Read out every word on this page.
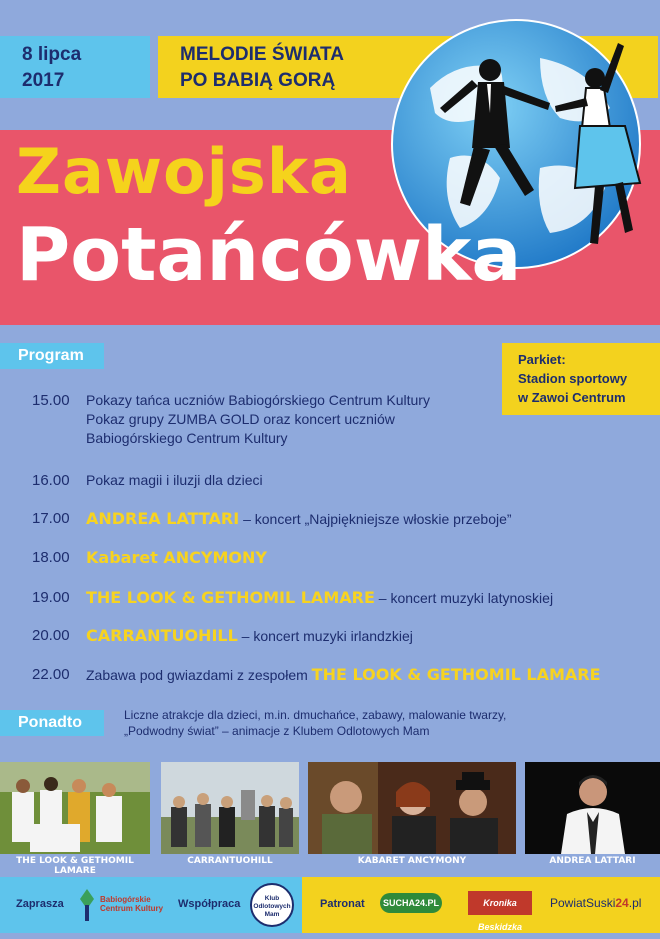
8 lipca
2017
MELODIE ŚWIATA
PO BABIĄ GORĄ
Zawojska
Potańcówka
Program	Parkiet:
Stadion sportowy
w Zawoi Centrum
15.00 Pokazy tańca uczniów Babiogórskiego Centrum Kultury
Pokaz grupy ZUMBA GOLD oraz koncert uczniów
Babiogórskiego Centrum Kultury
16.00 Pokaz magii i iluzji dla dzieci
17.00 ANDREA LATTARI – koncert „Najpiękniejsze włoskie przeboje”
18.00 Kabaret ANCYMONY
19.00 THE LOOK & GETHOMIL LAMARE – koncert muzyki latynoskiej
20.00 CARRANTUOHILL – koncert muzyki irlandzkiej
22.00 Zabawa pod gwiazdami z zespołem THE LOOK & GETHOMIL LAMARE
Ponadto	Liczne atrakcje dla dzieci, m.in. dmuchańce, zabawy, malowanie twarzy,
„Podwodny świat” – animacje z Klubem Odlotowych Mam
THE LOOK & GETHOMIL LAMARE
CARRANTUOHILL	KABARET ANCYMONY	ANDREA LATTARI
Zaprasza	Babiogórskie
Centrum Kultury Współpraca	Klub Odlotowych Mam
Patronat	SUCHA24.PL	Kronika Beskidzka
PowiatSuski24.pl
